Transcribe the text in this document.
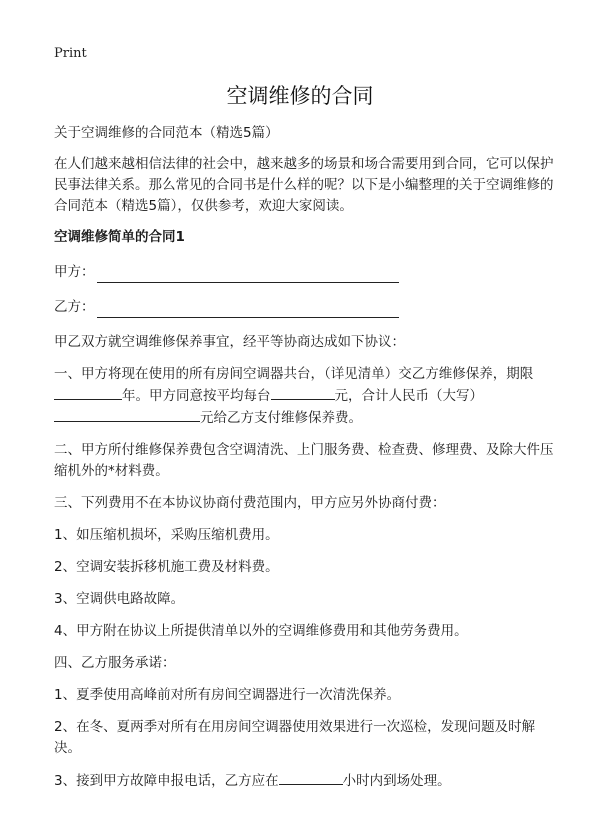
Print
空调维修的合同

关于空调维修的合同范本（精选5篇）

在人们越来越相信法律的社会中，越来越多的场景和场合需要用到合同，它可以保护民事法律关系。那么常见的合同书是什么样的呢？以下是小编整理的关于空调维修的合同范本（精选5篇），仅供参考，欢迎大家阅读。

空调维修简单的合同1

甲方：

乙方：

甲乙双方就空调维修保养事宜，经平等协商达成如下协议：

一、甲方将现在使用的所有房间空调器共台，（详见清单）交乙方维修保养，期限
年。甲方同意按平均每台	元，合计人民币（大写）
元给乙方支付维修保养费。

二、甲方所付维修保养费包含空调清洗、上门服务费、检查费、修理费、及除大件压缩机外的*材料费。

三、下列费用不在本协议协商付费范围内，甲方应另外协商付费：

1、如压缩机损坏，采购压缩机费用。

2、空调安装拆移机施工费及材料费。

3、空调供电路故障。

4、甲方附在协议上所提供清单以外的空调维修费用和其他劳务费用。

四、乙方服务承诺：

1、夏季使用高峰前对所有房间空调器进行一次清洗保养。

2、在冬、夏两季对所有在用房间空调器使用效果进行一次巡检，发现问题及时解决。

3、接到甲方故障申报电话，乙方应在	小时内到场处理。
